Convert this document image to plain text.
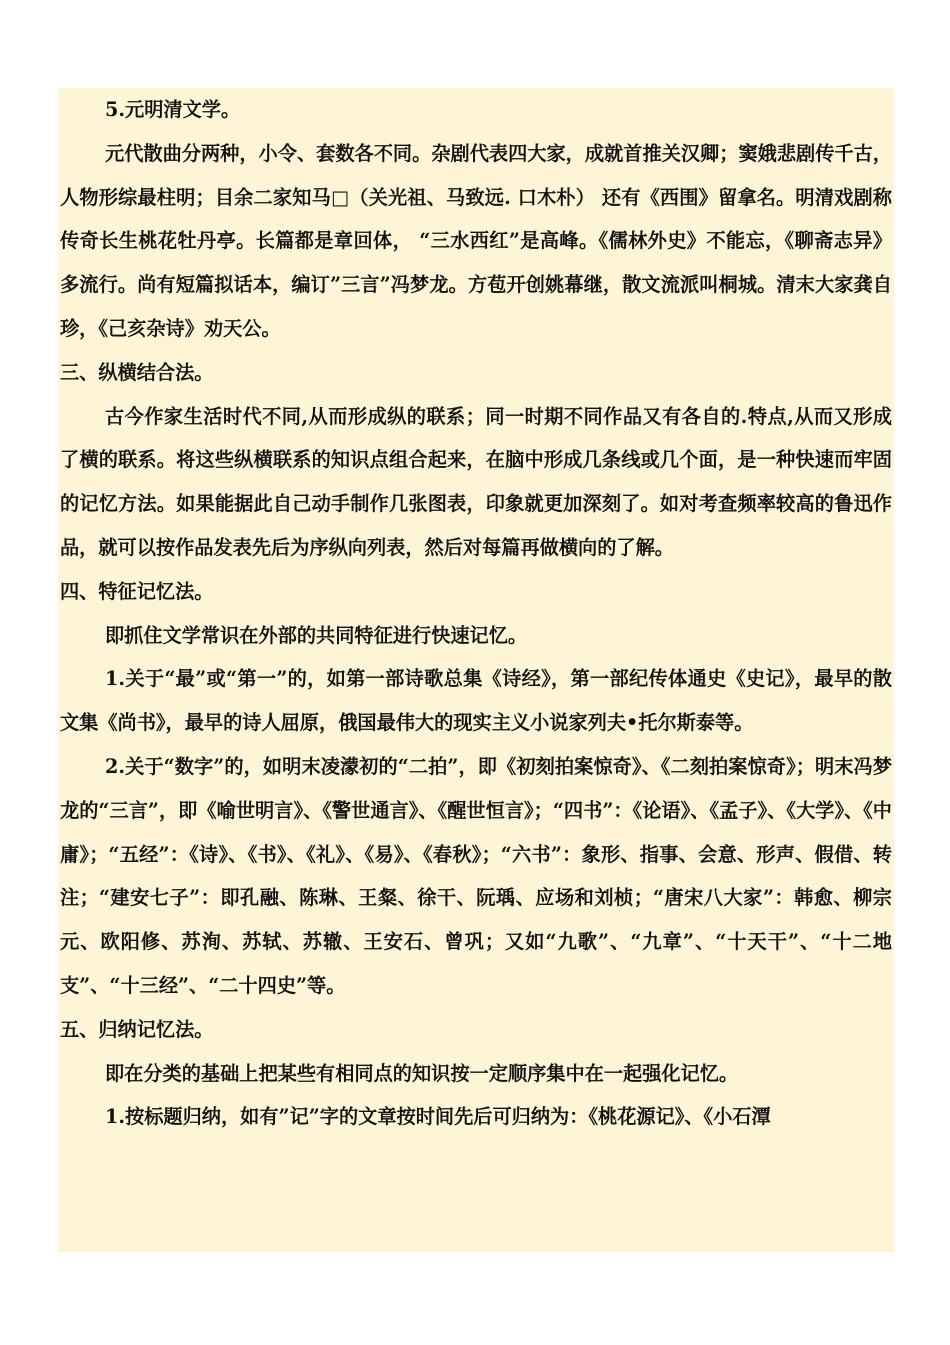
5.元明清文学。

元代散曲分两种，小令、套数各不同。杂剧代表四大家，成就首推关汉卿；窦娥悲剧传千古，人物形综最柱明；目余二家知马□（关光祖、马致远. 口木朴） 还有《西围》留拿名。明清戏剧称传奇长生桃花牡丹亭。长篇都是章回体， “三水西红”是高峰。《儒林外史》不能忘，《聊斋志异》多流行。尚有短篇拟话本，编订”三言”冯梦龙。方苞开创姚幕继，散文流派叫桐城。清末大家龚自珍，《己亥杂诗》劝天公。

三、纵横结合法。

古今作家生活时代不同,从而形成纵的联系；同一时期不同作品又有各自的.特点,从而又形成了横的联系。将这些纵横联系的知识点组合起来，在脑中形成几条线或几个面，是一种快速而牢固的记忆方法。如果能据此自己动手制作几张图表，印象就更加深刻了。如对考查频率较高的鲁迅作品，就可以按作品发表先后为序纵向列表，然后对每篇再做横向的了解。

四、特征记忆法。

即抓住文学常识在外部的共同特征进行快速记忆。

1.关于“最”或“第一”的，如第一部诗歌总集《诗经》，第一部纪传体通史《史记》，最早的散文集《尚书》，最早的诗人屈原，俄国最伟大的现实主义小说家列夫•托尔斯泰等。

2.关于“数字”的，如明末凌濛初的“二拍”，即《初刻拍案惊奇》、《二刻拍案惊奇》；明末冯梦龙的“三言”，即《喻世明言》、《警世通言》、《醒世恒言》；“四书”：《论语》、《孟子》、《大学》、《中庸》；“五经”：《诗》、《书》、《礼》、《易》、《春秋》；“六书”：象形、指事、会意、形声、假借、转注；“建安七子”：即孔融、陈琳、王粲、徐干、阮瑀、应场和刘桢；“唐宋八大家”：韩愈、柳宗元、欧阳修、苏洵、苏轼、苏辙、王安石、曾巩；又如“九歌”、“九章”、“十天干”、“十二地支”、“十三经”、“二十四史”等。

五、归纳记忆法。

即在分类的基础上把某些有相同点的知识按一定顺序集中在一起强化记忆。

1.按标题归纳，如有”记”字的文章按时间先后可归纳为：《桃花源记》、《小石潭
